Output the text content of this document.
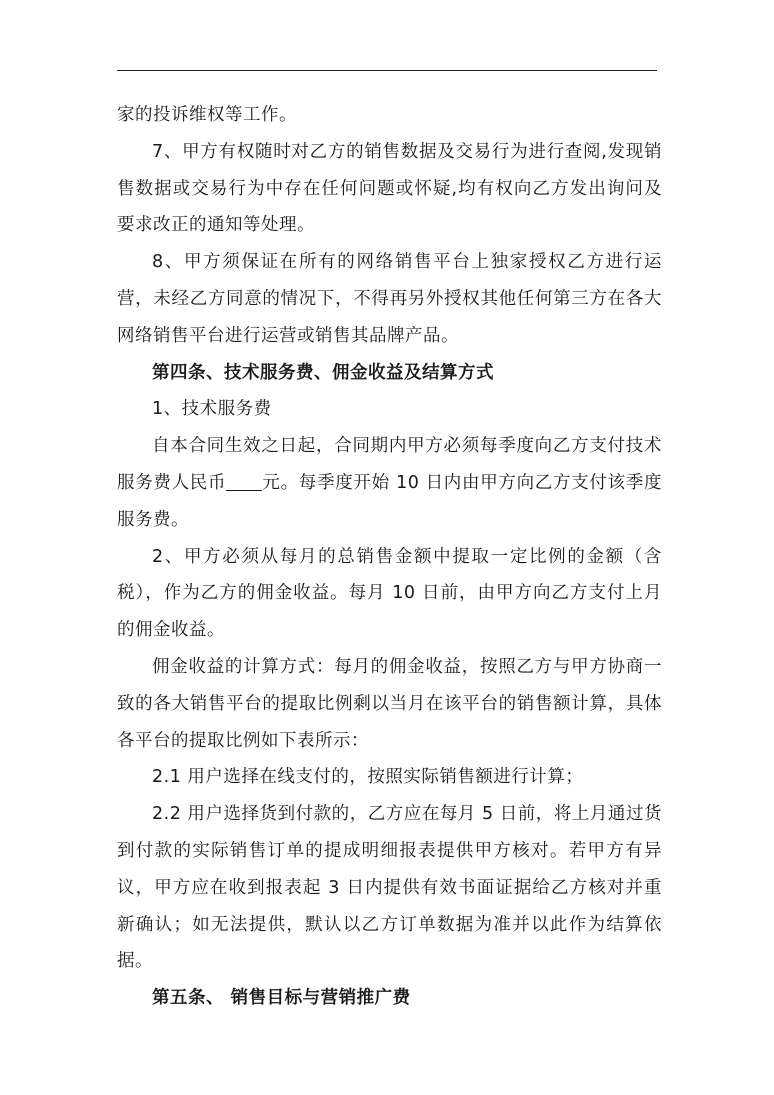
家的投诉维权等工作。

7、甲方有权随时对乙方的销售数据及交易行为进行查阅,发现销售数据或交易行为中存在任何问题或怀疑,均有权向乙方发出询问及要求改正的通知等处理。

8、甲方须保证在所有的网络销售平台上独家授权乙方进行运营，未经乙方同意的情况下，不得再另外授权其他任何第三方在各大网络销售平台进行运营或销售其品牌产品。

第四条、技术服务费、佣金收益及结算方式

1、技术服务费

自本合同生效之日起，合同期内甲方必须每季度向乙方支付技术服务费人民币 元。每季度开始 10 日内由甲方向乙方支付该季度服务费。

2、甲方必须从每月的总销售金额中提取一定比例的金额（含税），作为乙方的佣金收益。每月 10 日前，由甲方向乙方支付上月的佣金收益。

佣金收益的计算方式：每月的佣金收益，按照乙方与甲方协商一致的各大销售平台的提取比例剩以当月在该平台的销售额计算，具体各平台的提取比例如下表所示：

2.1 用户选择在线支付的，按照实际销售额进行计算；

2.2 用户选择货到付款的，乙方应在每月 5 日前，将上月通过货到付款的实际销售订单的提成明细报表提供甲方核对。若甲方有异议，甲方应在收到报表起 3 日内提供有效书面证据给乙方核对并重新确认；如无法提供，默认以乙方订单数据为准并以此作为结算依据。

第五条、 销售目标与营销推广费
